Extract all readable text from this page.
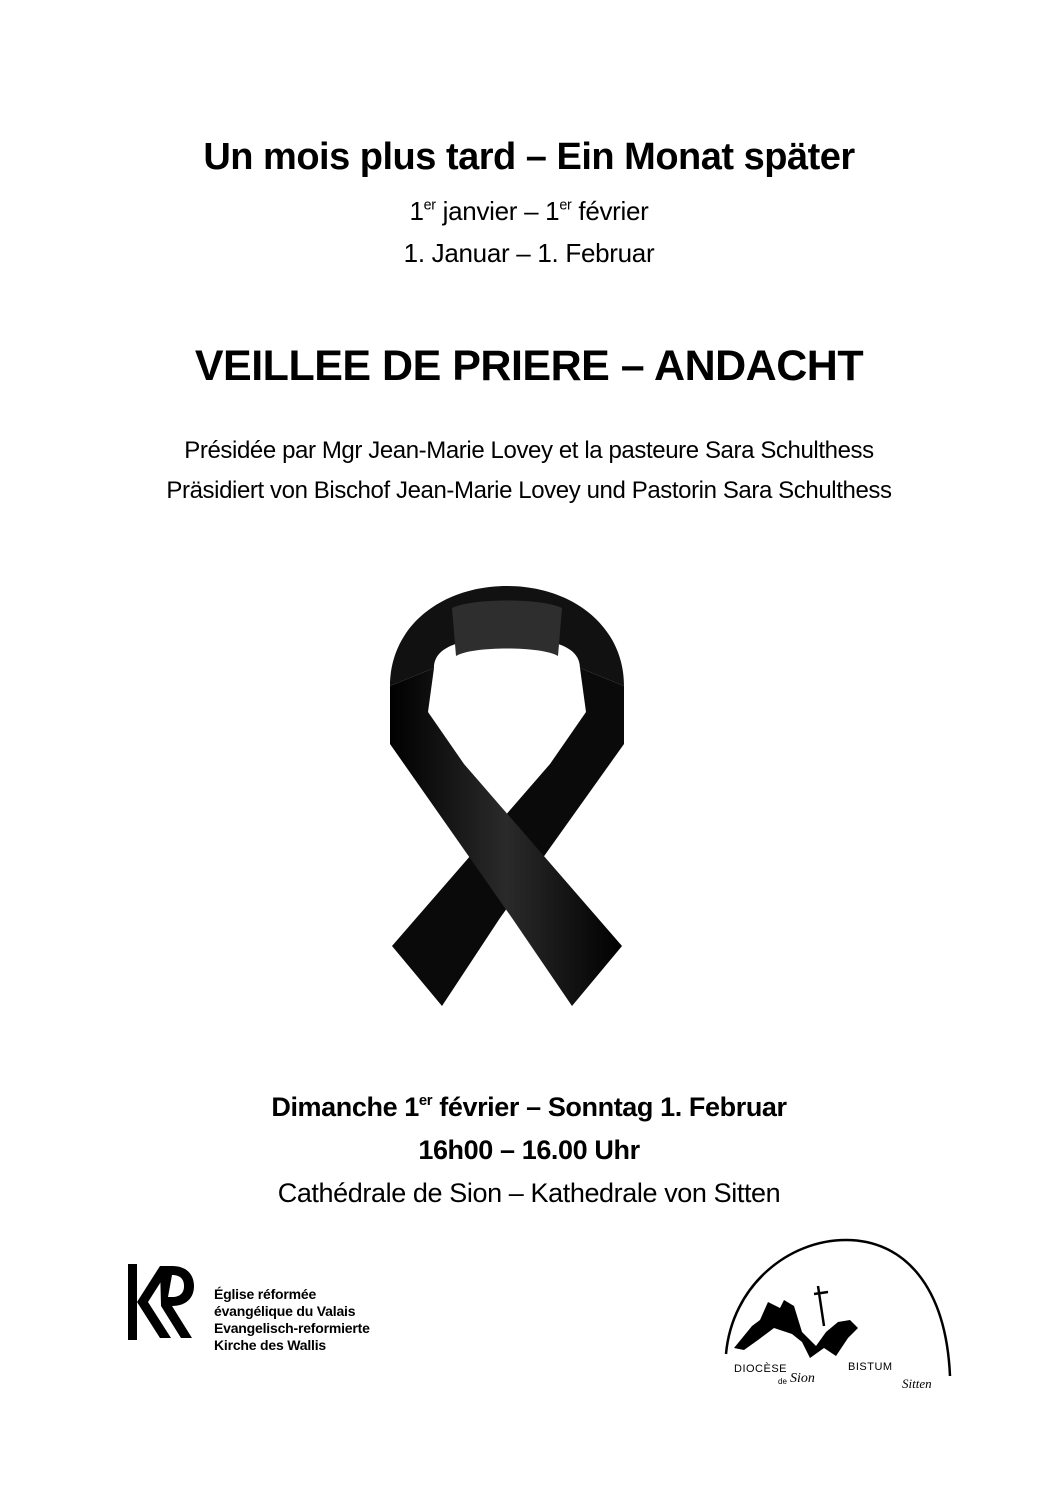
Un mois plus tard – Ein Monat später
1er janvier – 1er février
1. Januar – 1. Februar
VEILLEE DE PRIERE – ANDACHT
Présidée par Mgr Jean-Marie Lovey et la pasteure Sara Schulthess
Präsidiert von Bischof Jean-Marie Lovey und Pastorin Sara Schulthess
Dimanche 1er février – Sonntag 1. Februar
16h00 – 16.00 Uhr
Cathédrale de Sion – Kathedrale von Sitten
Église réformée
évangélique du Valais
Evangelisch-reformierte
Kirche des Wallis
DIOCÈSE
de Sion
BISTUM
Sitten
